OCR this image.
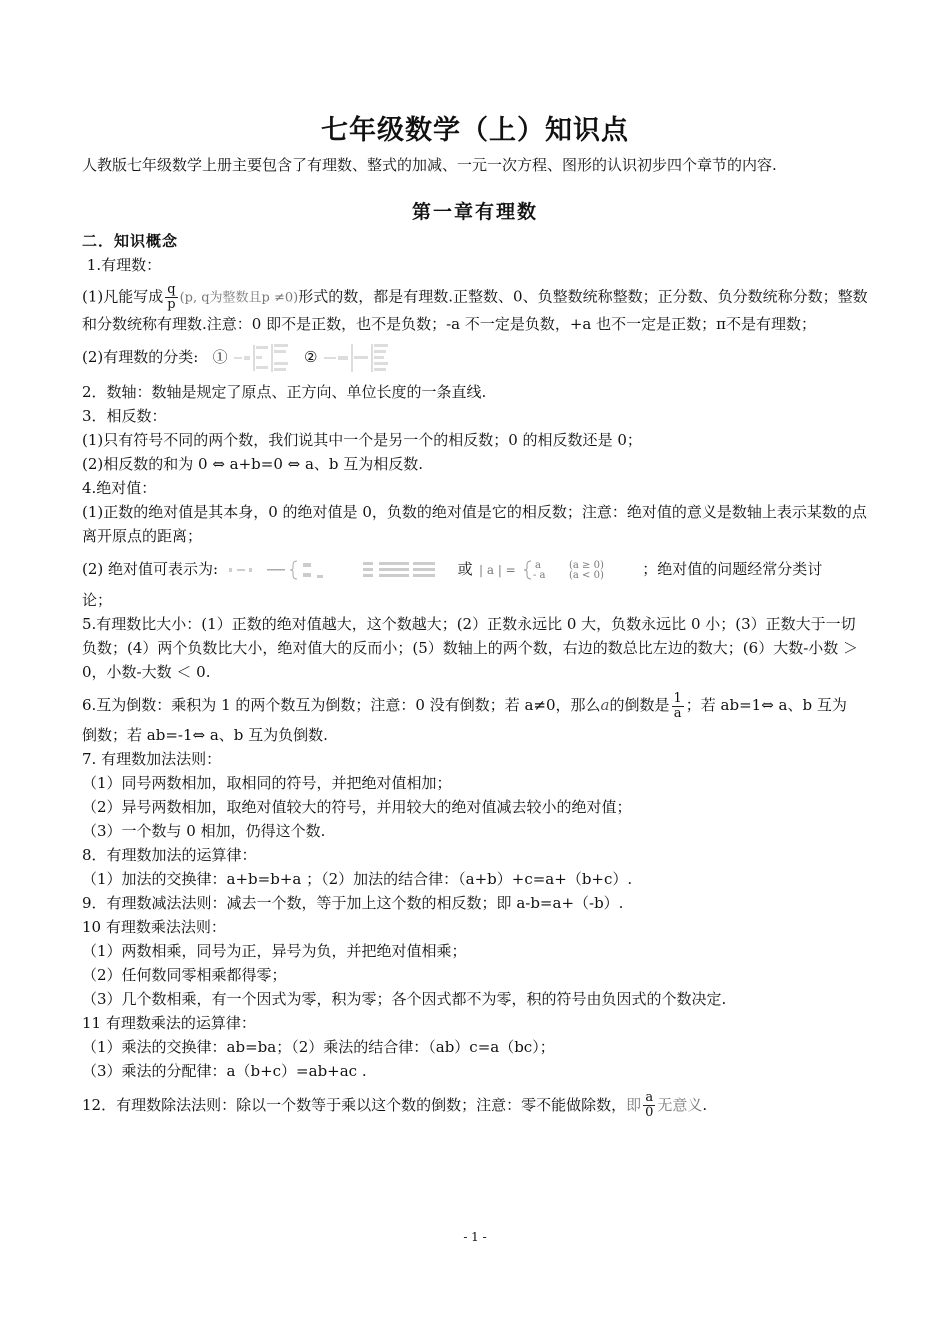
七年级数学（上）知识点
人教版七年级数学上册主要包含了有理数、整式的加减、一元一次方程、图形的认识初步四个章节的内容.
第一章有理数
二．知识概念

1.有理数：

(1)凡能写成 $\frac{q}{p} (p$, q为整数且p ≠0)形式的数，都是有理数.正整数、0、负整数统称整数；正分数、负分数统称分数；整数和分数统称有理数.注意：0 即不是正数，也不是负数；-a 不一定是负数，+a 也不一定是正数；π不是有理数；

(2)有理数的分类: ①	②

2．数轴：数轴是规定了原点、正方向、单位长度的一条直线.

3．相反数：

(1)只有符号不同的两个数，我们说其中一个是另一个的相反数；0 的相反数还是 0；

(2)相反数的和为 0 ⇔ a+b=0 ⇔ a、b 互为相反数.

4.绝对值：

(1)正数的绝对值是其本身，0 的绝对值是 0，负数的绝对值是它的相反数；注意：绝对值的意义是数轴上表示某数的点离开原点的距离；

(2) 绝对值可表示为:	或 | a | = a
- a
(a ≥ 0)
(a < 0)	；绝对值的问题经常分类讨

论；

5.有理数比大小：(1）正数的绝对值越大，这个数越大；(2）正数永远比 0 大，负数永远比 0 小；(3）正数大于一切负数；(4）两个负数比大小，绝对值大的反而小；(5）数轴上的两个数，右边的数总比左边的数大；(6）大数-小数 ＞ 0，小数-大数 ＜ 0.

6.互为倒数：乘积为 1 的两个数互为倒数；注意：0 没有倒数；若 a≠0，那么a的倒数是 $\frac{1}{a}$ ；若 ab=1⇔ a、b 互为

倒数；若 ab=-1⇔ a、b 互为负倒数.

7. 有理数加法法则：

（1）同号两数相加，取相同的符号，并把绝对值相加；

（2）异号两数相加，取绝对值较大的符号，并用较大的绝对值减去较小的绝对值；

（3）一个数与 0 相加，仍得这个数.

8．有理数加法的运算律：

（1）加法的交换律：a+b=b+a ；（2）加法的结合律：（a+b）+c=a+（b+c）.

9．有理数减法法则：减去一个数，等于加上这个数的相反数；即 a-b=a+（-b）.

10 有理数乘法法则：

（1）两数相乘，同号为正，异号为负，并把绝对值相乘；

（2）任何数同零相乘都得零；

（3）几个数相乘，有一个因式为零，积为零；各个因式都不为零，积的符号由负因式的个数决定.

11 有理数乘法的运算律：

（1）乘法的交换律：ab=ba；（2）乘法的结合律：（ab）c=a（bc）；

（3）乘法的分配律：a（b+c）=ab+ac .

12．有理数除法法则：除以一个数等于乘以这个数的倒数；注意：零不能做除数，即 $\frac{a}{0}$ 无意义.

- 1 -
